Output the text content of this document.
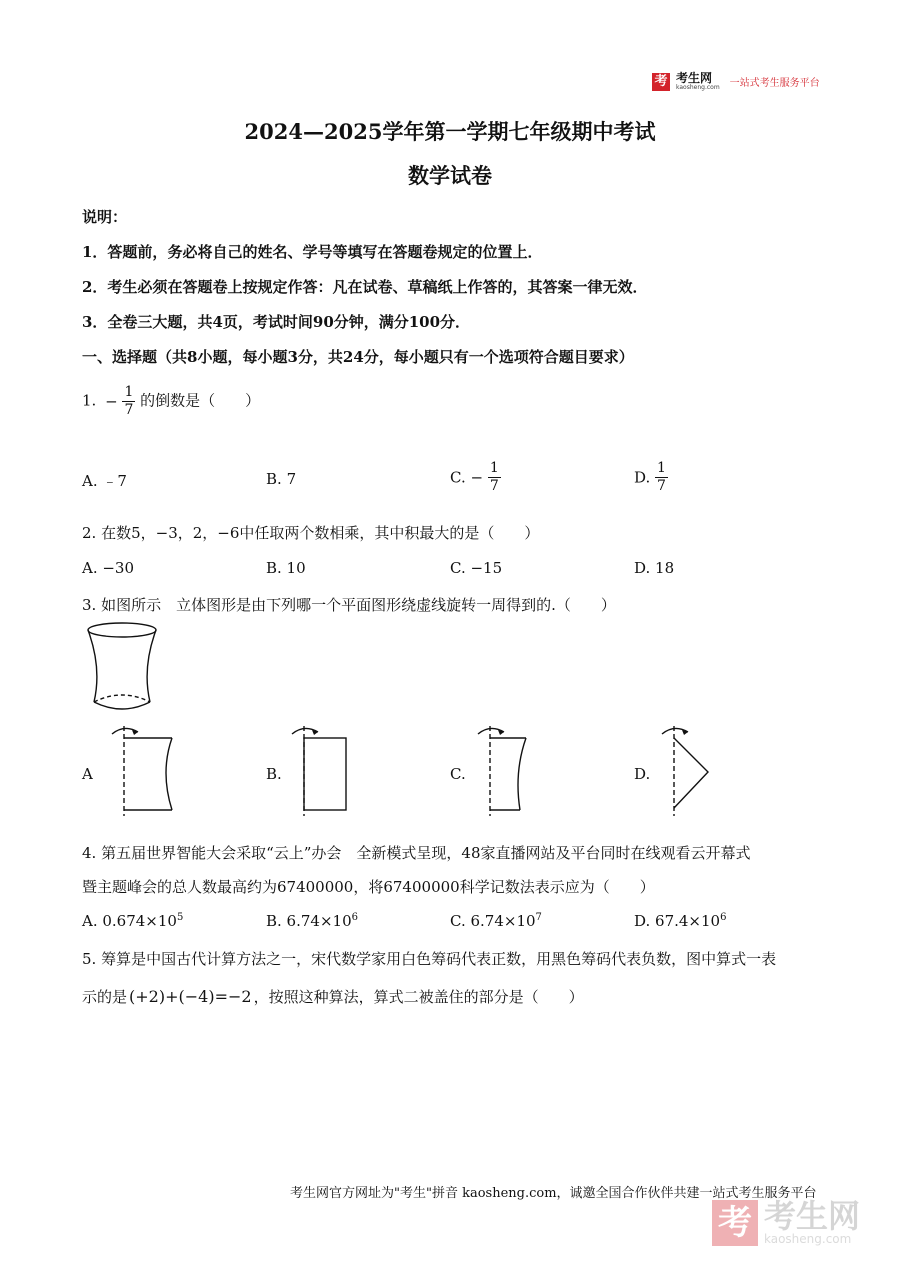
考 考生网
kaosheng.com 一站式考生服务平台
2024—2025学年第一学期七年级期中考试
数学试卷
说明：
1．答题前，务必将自己的姓名、学号等填写在答题卷规定的位置上．
2．考生必须在答题卷上按规定作答：凡在试卷、草稿纸上作答的，其答案一律无效．
3．全卷三大题，共4页，考试时间90分钟，满分100分．
一、选择题（共8小题，每小题3分，共24分，每小题只有一个选项符合题目要求）
1. − $\frac{1}{7}$ 的倒数是（　　）
A. ﹣7	B. 7	C. − $\frac{1}{7}$	D. $\frac{1}{7}$
2. 在数5，−3，2，−6中任取两个数相乘，其中积最大的是（　　）
A. −30	B. 10	C. −15	D. 18
3. 如图所示　立体图形是由下列哪一个平面图形绕虚线旋转一周得到的.（　　）
A	B.	C.	D.
4. 第五届世界智能大会采取“云上”办会　全新模式呈现，48家直播网站及平台同时在线观看云开幕式
暨主题峰会的总人数最高约为67400000，将67400000科学记数法表示应为（　　）
A. $0.674\times 10^5$	B. $6.74\times 10^6$	C. $6.74\times 10^7$	D. $67.4\times 10^6$
5. 筹算是中国古代计算方法之一，宋代数学家用白色筹码代表正数，用黑色筹码代表负数，图中算式一表
示的是 (+2)+(−4)=−2 ，按照这种算法，算式二被盖住的部分是（　　）
考生网官方网址为"考生"拼音 kaosheng.com，诚邀全国合作伙伴共建一站式考生服务平台
考 考生网
kaosheng.com
